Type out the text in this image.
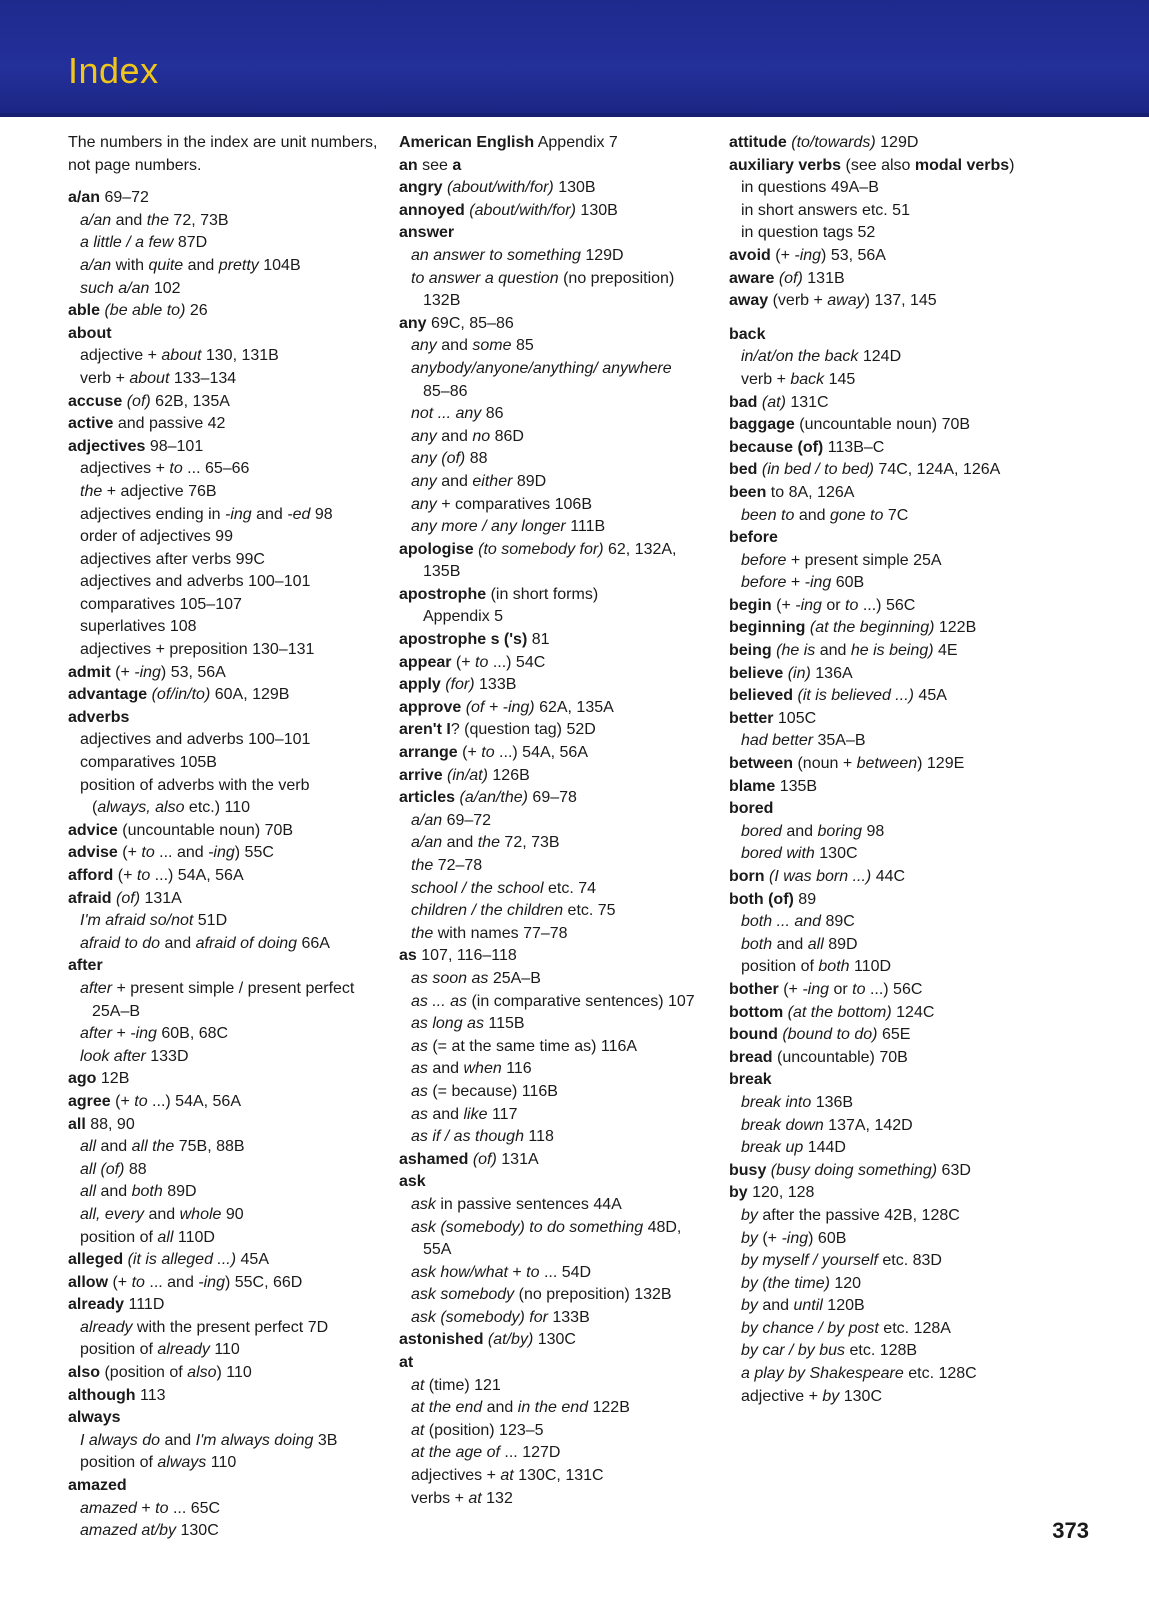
Index

The numbers in the index are unit numbers, not page numbers.

a/an 69–72
a/an and the 72, 73B
a little / a few 87D
a/an with quite and pretty 104B
such a/an 102
able (be able to) 26
about
adjective + about 130, 131B
verb + about 133–134
accuse (of) 62B, 135A
active and passive 42
adjectives 98–101
adjectives + to ... 65–66
the + adjective 76B
adjectives ending in -ing and -ed 98
order of adjectives 99
adjectives after verbs 99C
adjectives and adverbs 100–101
comparatives 105–107
superlatives 108
adjectives + preposition 130–131
admit (+ -ing) 53, 56A
advantage (of/in/to) 60A, 129B
adverbs
adjectives and adverbs 100–101
comparatives 105B
position of adverbs with the verb
(always, also etc.) 110
advice (uncountable noun) 70B
advise (+ to ... and -ing) 55C
afford (+ to ...) 54A, 56A
afraid (of) 131A
I'm afraid so/not 51D
afraid to do and afraid of doing 66A
after
after + present simple / present perfect
25A–B
after + -ing 60B, 68C
look after 133D
ago 12B
agree (+ to ...) 54A, 56A
all 88, 90
all and all the 75B, 88B
all (of) 88
all and both 89D
all, every and whole 90
position of all 110D
alleged (it is alleged ...) 45A
allow (+ to ... and -ing) 55C, 66D
already 111D
already with the present perfect 7D
position of already 110
also (position of also) 110
although 113
always
I always do and I'm always doing 3B
position of always 110
amazed
amazed + to ... 65C
amazed at/by 130C
American English Appendix 7
an see a
angry (about/with/for) 130B
annoyed (about/with/for) 130B
answer
an answer to something 129D
to answer a question (no preposition)
132B
any 69C, 85–86
any and some 85
anybody/anyone/anything/ anywhere
85–86
not ... any 86
any and no 86D
any (of) 88
any and either 89D
any + comparatives 106B
any more / any longer 111B
apologise (to somebody for) 62, 132A,
135B
apostrophe (in short forms)
Appendix 5
apostrophe s ('s) 81
appear (+ to ...) 54C
apply (for) 133B
approve (of + -ing) 62A, 135A
aren't I? (question tag) 52D
arrange (+ to ...) 54A, 56A
arrive (in/at) 126B
articles (a/an/the) 69–78
a/an 69–72
a/an and the 72, 73B
the 72–78
school / the school etc. 74
children / the children etc. 75
the with names 77–78
as 107, 116–118
as soon as 25A–B
as ... as (in comparative sentences) 107
as long as 115B
as (= at the same time as) 116A
as and when 116
as (= because) 116B
as and like 117
as if / as though 118
ashamed (of) 131A
ask
ask in passive sentences 44A
ask (somebody) to do something 48D,
55A
ask how/what + to ... 54D
ask somebody (no preposition) 132B
ask (somebody) for 133B
astonished (at/by) 130C
at
at (time) 121
at the end and in the end 122B
at (position) 123–5
at the age of ... 127D
adjectives + at 130C, 131C
verbs + at 132
attitude (to/towards) 129D
auxiliary verbs (see also modal verbs)
in questions 49A–B
in short answers etc. 51
in question tags 52
avoid (+ -ing) 53, 56A
aware (of) 131B
away (verb + away) 137, 145
back
in/at/on the back 124D
verb + back 145
bad (at) 131C
baggage (uncountable noun) 70B
because (of) 113B–C
bed (in bed / to bed) 74C, 124A, 126A
been to 8A, 126A
been to and gone to 7C
before
before + present simple 25A
before + -ing 60B
begin (+ -ing or to ...) 56C
beginning (at the beginning) 122B
being (he is and he is being) 4E
believe (in) 136A
believed (it is believed ...) 45A
better 105C
had better 35A–B
between (noun + between) 129E
blame 135B
bored
bored and boring 98
bored with 130C
born (I was born ...) 44C
both (of) 89
both ... and 89C
both and all 89D
position of both 110D
bother (+ -ing or to ...) 56C
bottom (at the bottom) 124C
bound (bound to do) 65E
bread (uncountable) 70B
break
break into 136B
break down 137A, 142D
break up 144D
busy (busy doing something) 63D
by 120, 128
by after the passive 42B, 128C
by (+ -ing) 60B
by myself / yourself etc. 83D
by (the time) 120
by and until 120B
by chance / by post etc. 128A
by car / by bus etc. 128B
a play by Shakespeare etc. 128C
adjective + by 130C
373
